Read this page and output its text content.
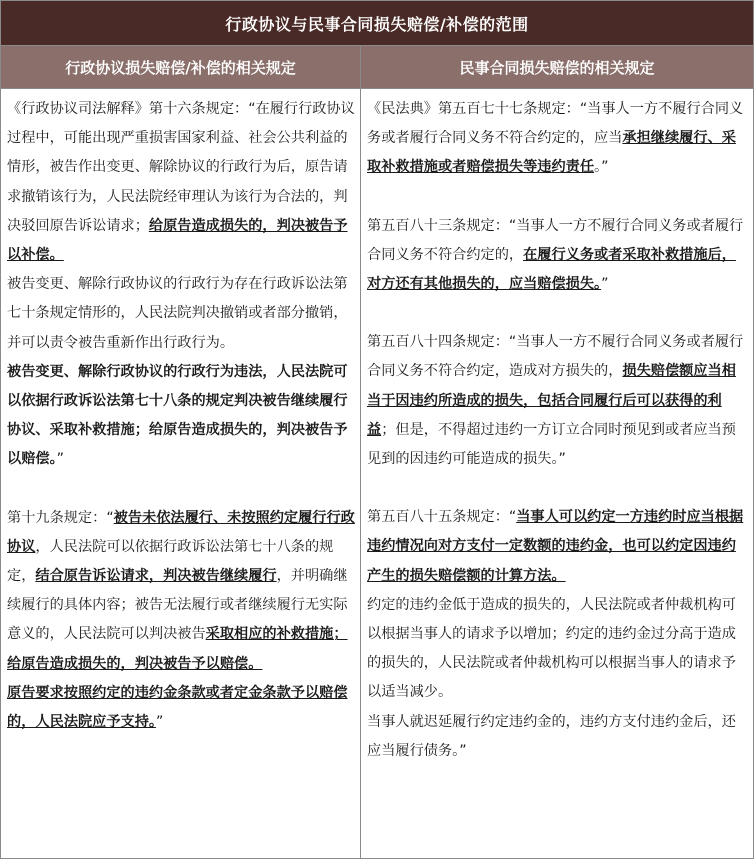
行政协议与民事合同损失赔偿/补偿的范围
行政协议损失赔偿/补偿的相关规定	民事合同损失赔偿的相关规定

《行政协议司法解释》第十六条规定：“在履行行政协议过程中，可能出现严重损害国家利益、社会公共利益的情形，被告作出变更、解除协议的行政行为后，原告请求撤销该行为，人民法院经审理认为该行为合法的，判决驳回原告诉讼请求；给原告造成损失的，判决被告予以补偿。

被告变更、解除行政协议的行政行为存在行政诉讼法第七十条规定情形的，人民法院判决撤销或者部分撤销，并可以责令被告重新作出行政行为。

被告变更、解除行政协议的行政行为违法，人民法院可以依据行政诉讼法第七十八条的规定判决被告继续履行协议、采取补救措施；给原告造成损失的，判决被告予以赔偿。”

第十九条规定：“被告未依法履行、未按照约定履行行政协议，人民法院可以依据行政诉讼法第七十八条的规定，结合原告诉讼请求，判决被告继续履行，并明确继续履行的具体内容；被告无法履行或者继续履行无实际意义的，人民法院可以判决被告采取相应的补救措施；给原告造成损失的，判决被告予以赔偿。

原告要求按照约定的违约金条款或者定金条款予以赔偿的，人民法院应予支持。”

《民法典》第五百七十七条规定：“当事人一方不履行合同义务或者履行合同义务不符合约定的，应当承担继续履行、采取补救措施或者赔偿损失等违约责任。”

第五百八十三条规定：“当事人一方不履行合同义务或者履行合同义务不符合约定的，在履行义务或者采取补救措施后，对方还有其他损失的，应当赔偿损失。”

第五百八十四条规定：“当事人一方不履行合同义务或者履行合同义务不符合约定，造成对方损失的，损失赔偿额应当相当于因违约所造成的损失，包括合同履行后可以获得的利益；但是，不得超过违约一方订立合同时预见到或者应当预见到的因违约可能造成的损失。”

第五百八十五条规定：“当事人可以约定一方违约时应当根据违约情况向对方支付一定数额的违约金，也可以约定因违约产生的损失赔偿额的计算方法。

约定的违约金低于造成的损失的，人民法院或者仲裁机构可以根据当事人的请求予以增加；约定的违约金过分高于造成的损失的，人民法院或者仲裁机构可以根据当事人的请求予以适当减少。

当事人就迟延履行约定违约金的，违约方支付违约金后，还应当履行债务。”
